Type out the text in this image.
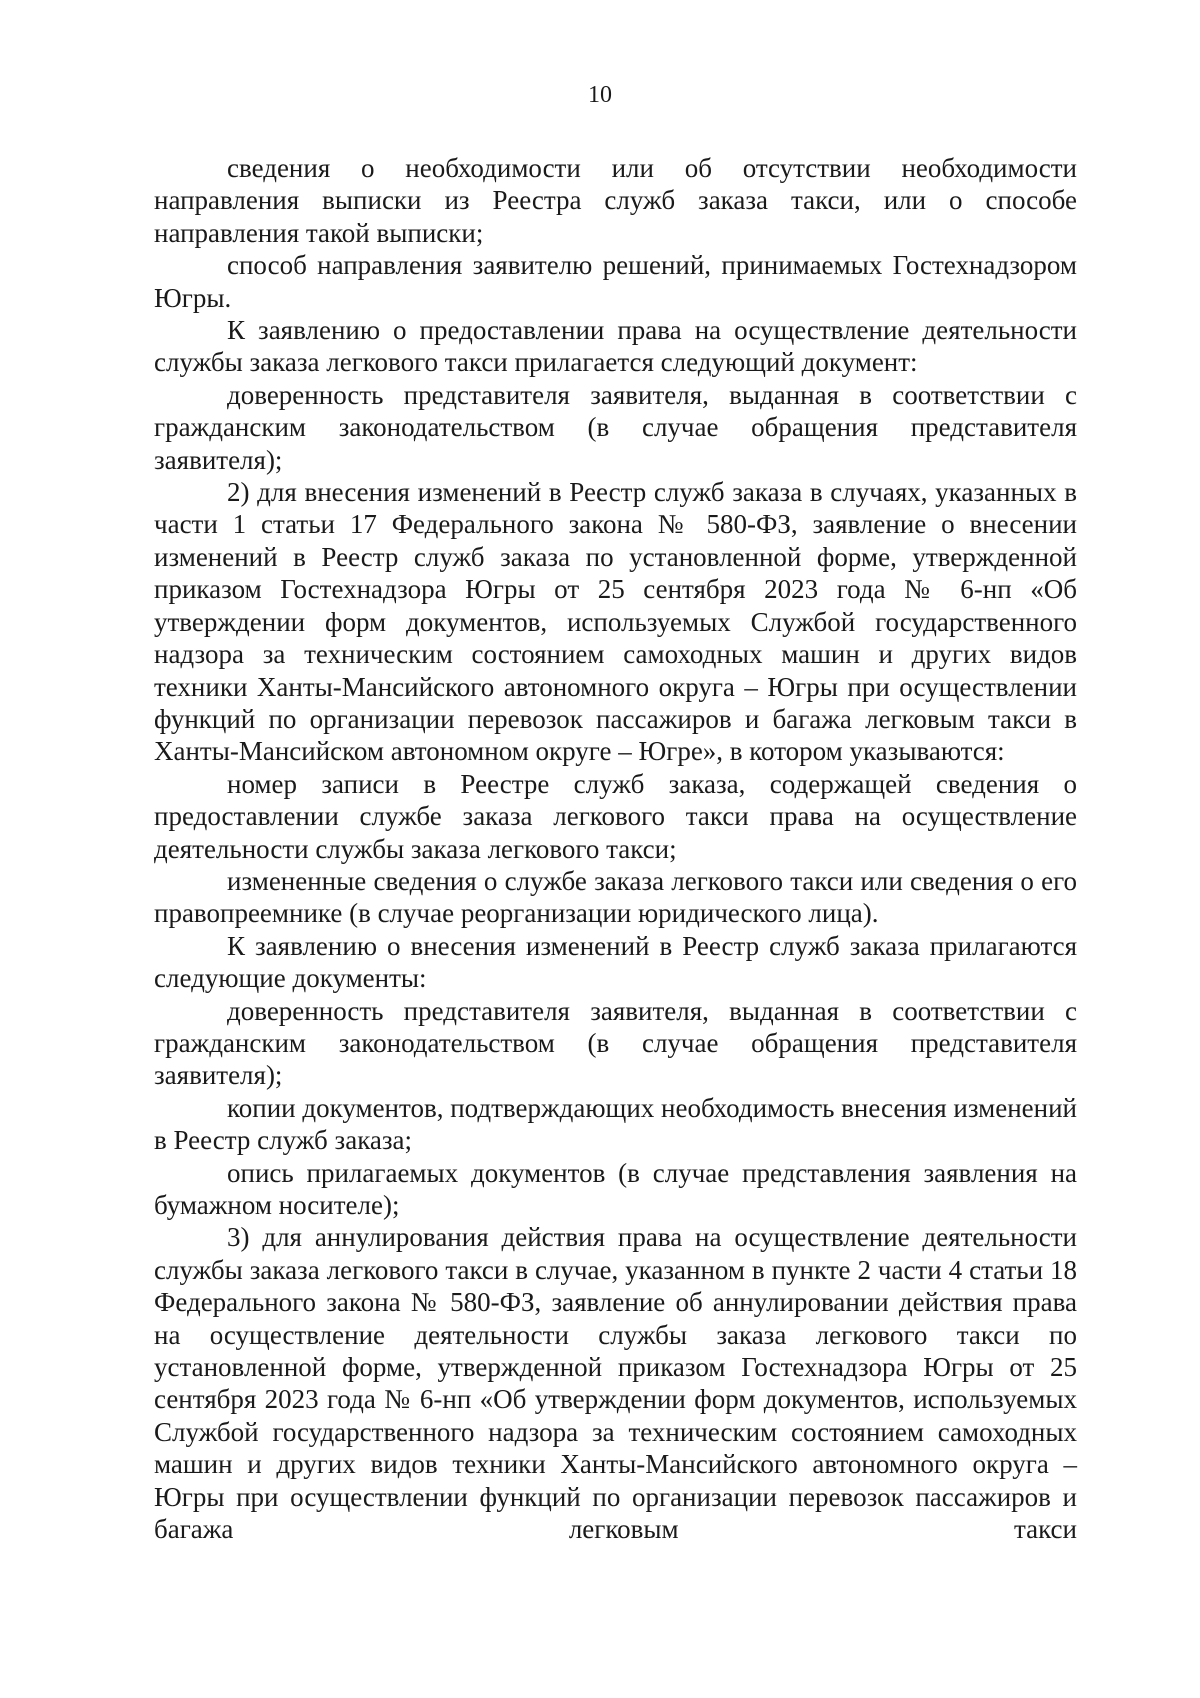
10

сведения о необходимости или об отсутствии необходимости направления выписки из Реестра служб заказа такси, или о способе направления такой выписки;

способ направления заявителю решений, принимаемых Гостехнадзором Югры.

К заявлению о предоставлении права на осуществление деятельности службы заказа легкового такси прилагается следующий документ:

доверенность представителя заявителя, выданная в соответствии с гражданским законодательством (в случае обращения представителя заявителя);

2) для внесения изменений в Реестр служб заказа в случаях, указанных в части 1 статьи 17 Федерального закона № 580-ФЗ, заявление о внесении изменений в Реестр служб заказа по установленной форме, утвержденной приказом Гостехнадзора Югры от 25 сентября 2023 года № 6-нп «Об утверждении форм документов, используемых Службой государственного надзора за техническим состоянием самоходных машин и других видов техники Ханты-Мансийского автономного округа – Югры при осуществлении функций по организации перевозок пассажиров и багажа легковым такси в Ханты-Мансийском автономном округе – Югре», в котором указываются:

номер записи в Реестре служб заказа, содержащей сведения о предоставлении службе заказа легкового такси права на осуществление деятельности службы заказа легкового такси;

измененные сведения о службе заказа легкового такси или сведения о его правопреемнике (в случае реорганизации юридического лица).

К заявлению о внесения изменений в Реестр служб заказа прилагаются следующие документы:

доверенность представителя заявителя, выданная в соответствии с гражданским законодательством (в случае обращения представителя заявителя);

копии документов, подтверждающих необходимость внесения изменений в Реестр служб заказа;

опись прилагаемых документов (в случае представления заявления на бумажном носителе);

3) для аннулирования действия права на осуществление деятельности службы заказа легкового такси в случае, указанном в пункте 2 части 4 статьи 18 Федерального закона № 580-ФЗ, заявление об аннулировании действия права на осуществление деятельности службы заказа легкового такси по установленной форме, утвержденной приказом Гостехнадзора Югры от 25 сентября 2023 года № 6-нп «Об утверждении форм документов, используемых Службой государственного надзора за техническим состоянием самоходных машин и других видов техники Ханты-Мансийского автономного округа – Югры при осуществлении функций по организации перевозок пассажиров и багажа легковым такси
